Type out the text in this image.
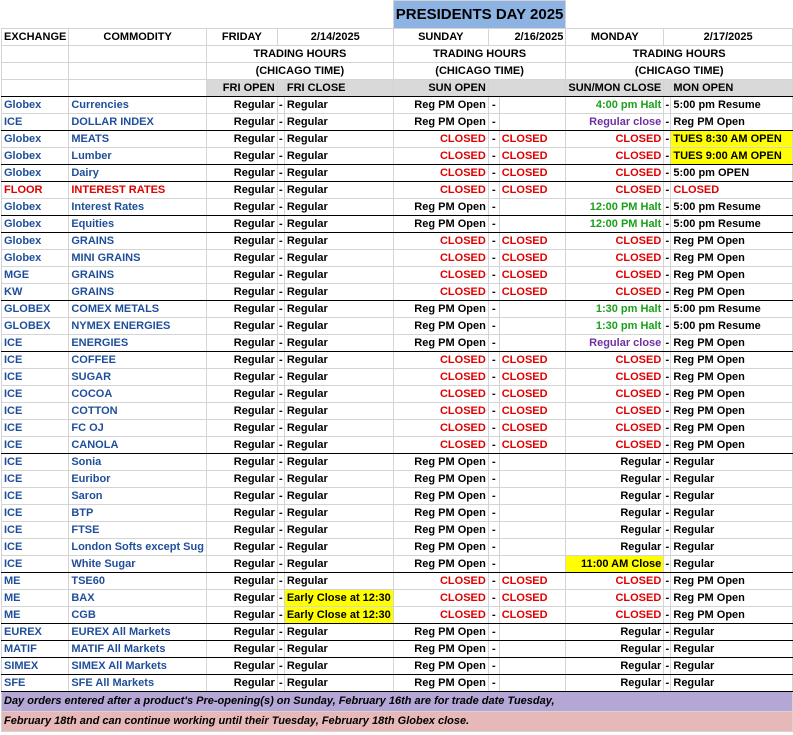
					PRESIDENTS DAY 2025					
EXCHANGE	COMMODITY	FRIDAY	2/14/2025		SUNDAY	2/16/2025		MONDAY	2/17/2025	
		TRADING HOURS			TRADING HOURS			TRADING HOURS		
		(CHICAGO TIME)			(CHICAGO TIME)			(CHICAGO TIME)		
		FRI OPEN		FRI CLOSE	SUN OPEN			SUN/MON CLOSE		MON OPEN
Globex	Currencies	Regular	-	Regular	Reg PM Open	-		4:00 pm Halt	-	5:00 pm Resume
ICE	DOLLAR INDEX	Regular	-	Regular	Reg PM Open	-		Regular close	-	Reg PM Open
Globex	MEATS	Regular	-	Regular	CLOSED	-	CLOSED	CLOSED	-	TUES 8:30 AM OPEN
Globex	Lumber	Regular	-	Regular	CLOSED	-	CLOSED	CLOSED	-	TUES 9:00 AM OPEN
Globex	Dairy	Regular	-	Regular	CLOSED	-	CLOSED	CLOSED	-	5:00 pm OPEN
FLOOR	INTEREST RATES	Regular	-	Regular	CLOSED	-	CLOSED	CLOSED	-	CLOSED
Globex	Interest Rates	Regular	-	Regular	Reg PM Open	-		12:00 PM Halt	-	5:00 pm Resume
Globex	Equities	Regular	-	Regular	Reg PM Open	-		12:00 PM Halt	-	5:00 pm Resume
Globex	GRAINS	Regular	-	Regular	CLOSED	-	CLOSED	CLOSED	-	Reg PM Open
Globex	MINI GRAINS	Regular	-	Regular	CLOSED	-	CLOSED	CLOSED	-	Reg PM Open
MGE	GRAINS	Regular	-	Regular	CLOSED	-	CLOSED	CLOSED	-	Reg PM Open
KW	GRAINS	Regular	-	Regular	CLOSED	-	CLOSED	CLOSED	-	Reg PM Open
GLOBEX	COMEX METALS	Regular	-	Regular	Reg PM Open	-		1:30 pm Halt	-	5:00 pm Resume
GLOBEX	NYMEX ENERGIES	Regular	-	Regular	Reg PM Open	-		1:30 pm Halt	-	5:00 pm Resume
ICE	ENERGIES	Regular	-	Regular	Reg PM Open	-		Regular close	-	Reg PM Open
ICE	COFFEE	Regular	-	Regular	CLOSED	-	CLOSED	CLOSED	-	Reg PM Open
ICE	SUGAR	Regular	-	Regular	CLOSED	-	CLOSED	CLOSED	-	Reg PM Open
ICE	COCOA	Regular	-	Regular	CLOSED	-	CLOSED	CLOSED	-	Reg PM Open
ICE	COTTON	Regular	-	Regular	CLOSED	-	CLOSED	CLOSED	-	Reg PM Open
ICE	FC OJ	Regular	-	Regular	CLOSED	-	CLOSED	CLOSED	-	Reg PM Open
ICE	CANOLA	Regular	-	Regular	CLOSED	-	CLOSED	CLOSED	-	Reg PM Open
ICE	Sonia	Regular	-	Regular	Reg PM Open	-		Regular	-	Regular
ICE	Euribor	Regular	-	Regular	Reg PM Open	-		Regular	-	Regular
ICE	Saron	Regular	-	Regular	Reg PM Open	-		Regular	-	Regular
ICE	BTP	Regular	-	Regular	Reg PM Open	-		Regular	-	Regular
ICE	FTSE	Regular	-	Regular	Reg PM Open	-		Regular	-	Regular
ICE	London Softs except Sug	Regular	-	Regular	Reg PM Open	-		Regular	-	Regular
ICE	White Sugar	Regular	-	Regular	Reg PM Open	-		11:00 AM Close	-	Regular
ME	TSE60	Regular	-	Regular	CLOSED	-	CLOSED	CLOSED	-	Reg PM Open
ME	BAX	Regular	-	Early Close at 12:30	CLOSED	-	CLOSED	CLOSED	-	Reg PM Open
ME	CGB	Regular	-	Early Close at 12:30	CLOSED	-	CLOSED	CLOSED	-	Reg PM Open
EUREX	EUREX All Markets	Regular	-	Regular	Reg PM Open	-		Regular	-	Regular
MATIF	MATIF All Markets	Regular	-	Regular	Reg PM Open	-		Regular	-	Regular
SIMEX	SIMEX All Markets	Regular	-	Regular	Reg PM Open	-		Regular	-	Regular
SFE	SFE All Markets	Regular	-	Regular	Reg PM Open	-		Regular	-	Regular
Day orders entered after a product's Pre-opening(s) on Sunday, February 16th are for trade date Tuesday,										
February 18th and can continue working until their Tuesday, February 18th Globex close.										
